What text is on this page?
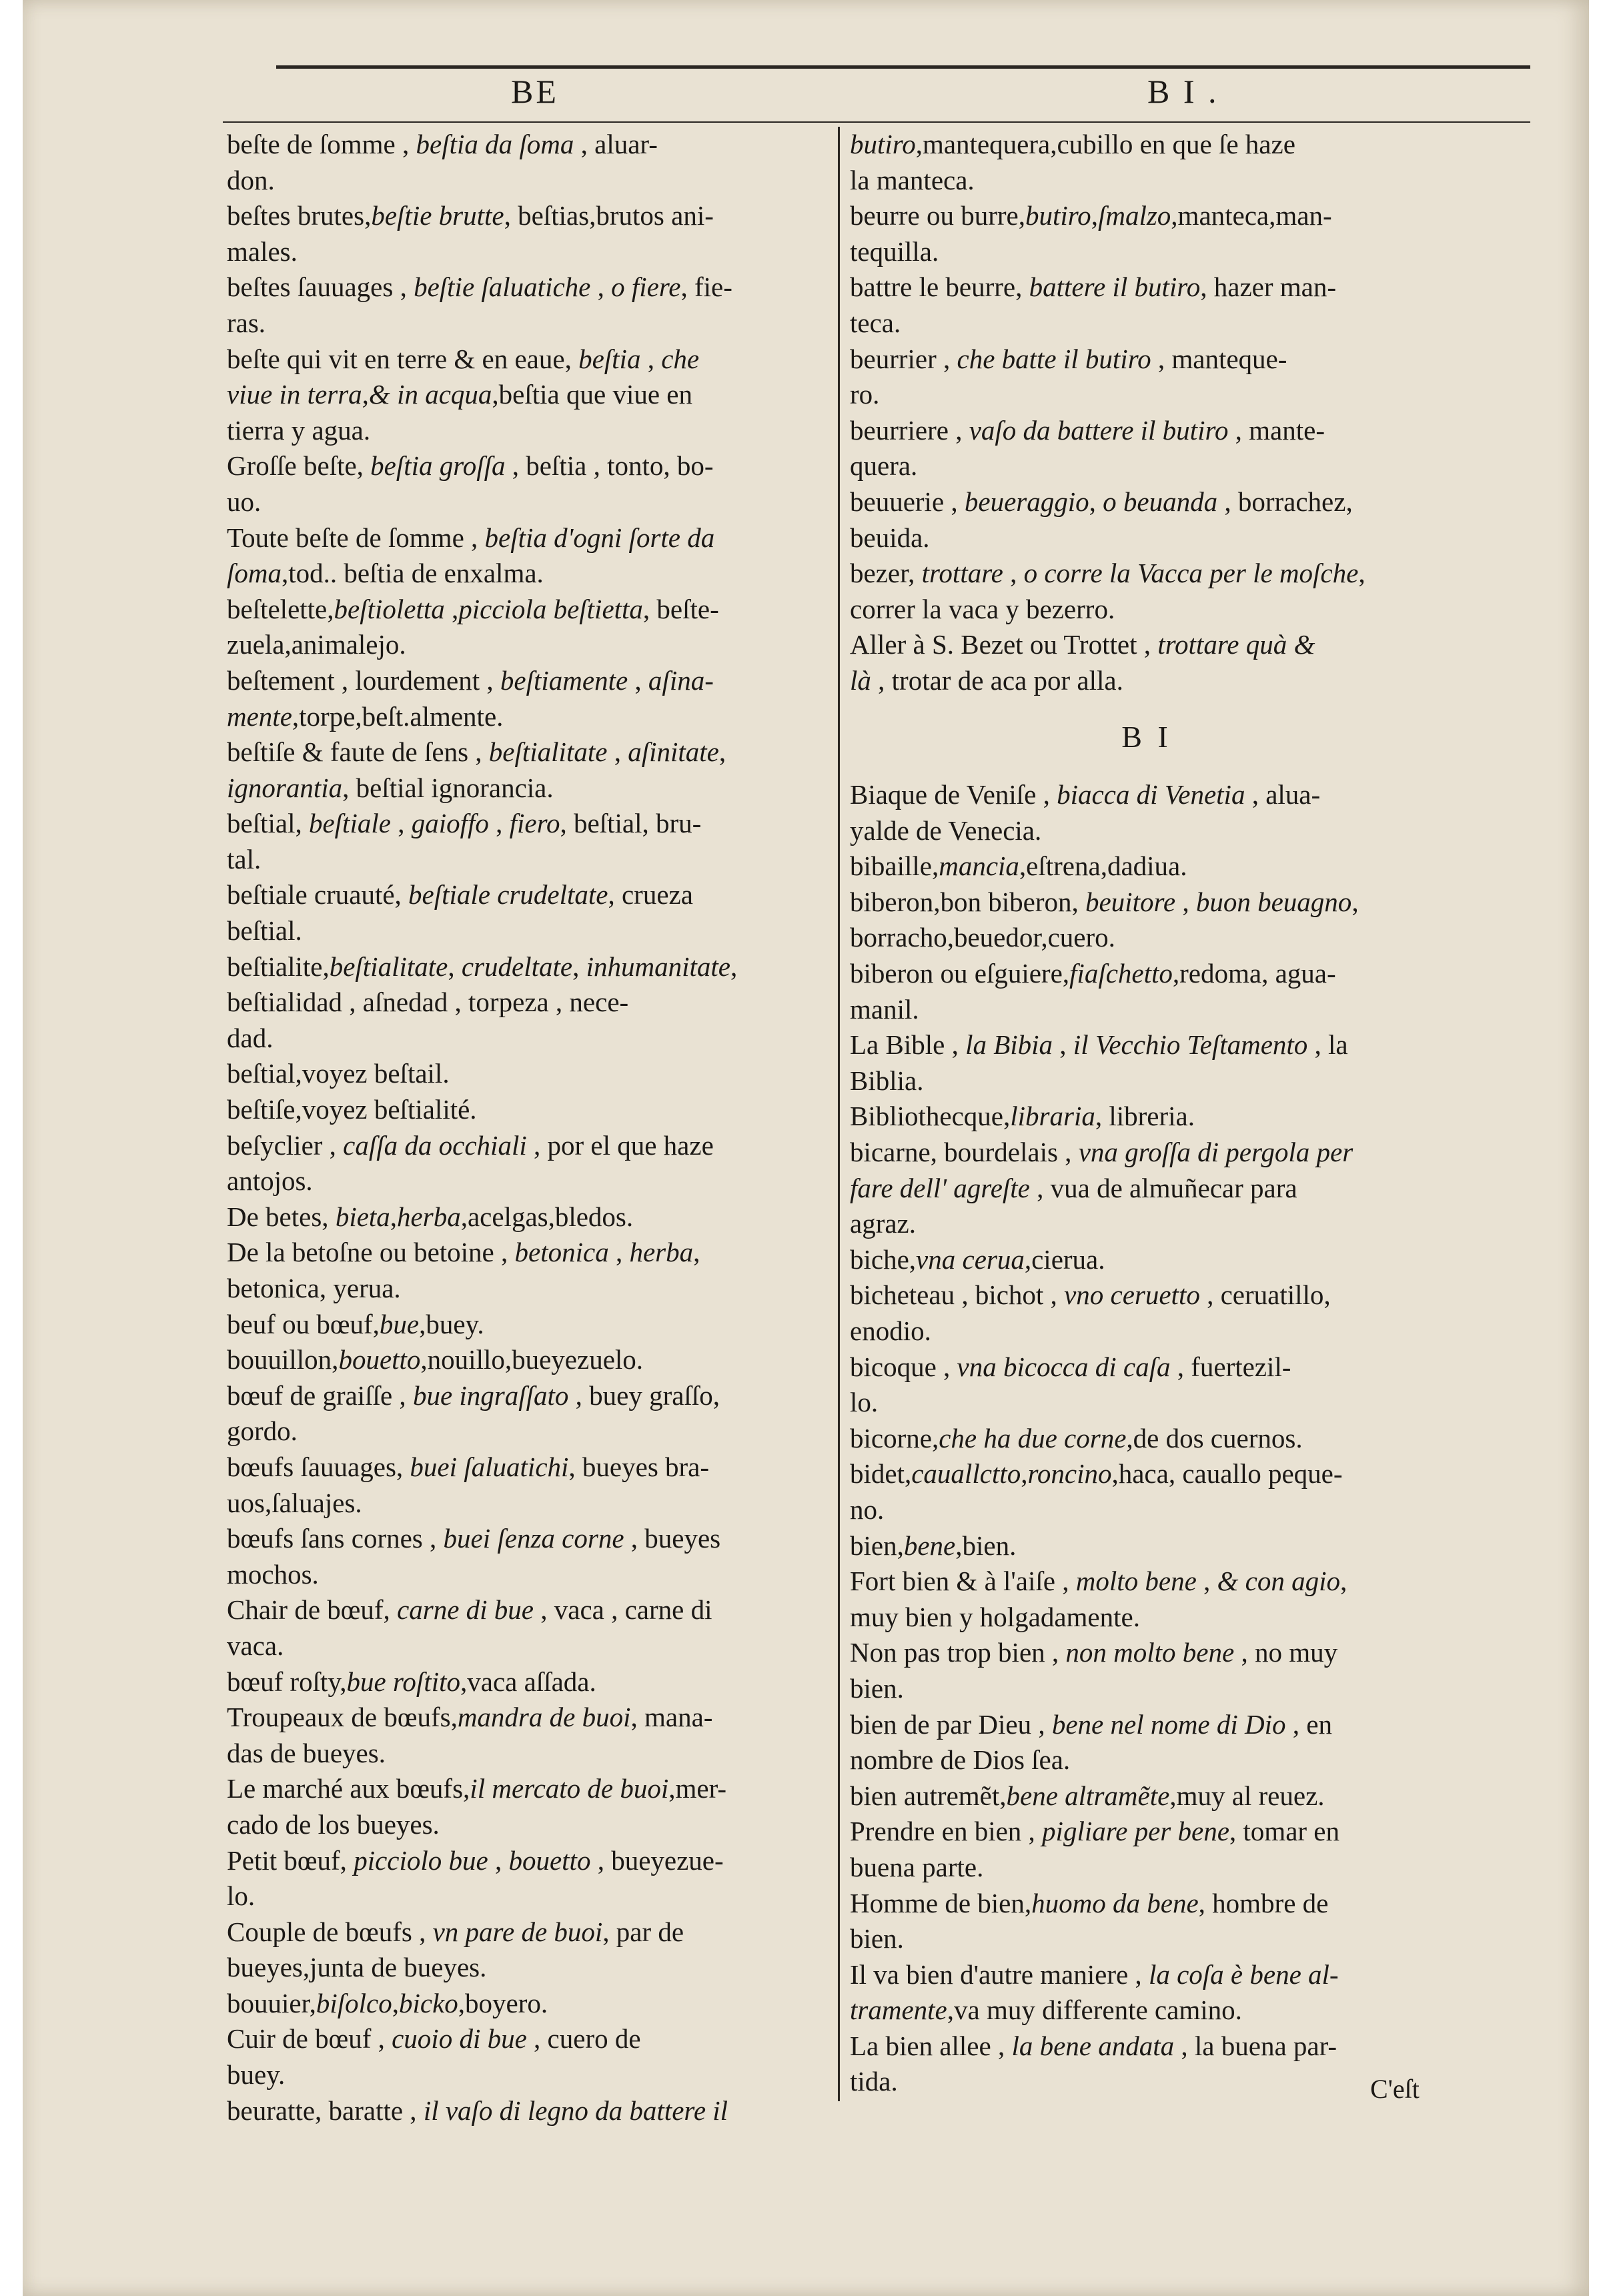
BE	B I .
beſte de ſomme , beſtia da ſoma , aluar-
don.
beſtes brutes,beſtie brutte, beſtias,brutos ani-
males.
beſtes ſauuages , beſtie ſaluatiche , o fiere, fie-
ras.
beſte qui vit en terre & en eaue, beſtia , che
viue in terra,& in acqua,beſtia que viue en
tierra y agua.
Groſſe beſte, beſtia groſſa , beſtia , tonto, bo-
uo.
Toute beſte de ſomme , beſtia d'ogni ſorte da
ſoma,tod.. beſtia de enxalma.
beſtelette,beſtioletta ,picciola beſtietta, beſte-
zuela,animalejo.
beſtement , lourdement , beſtiamente , aſina-
mente,torpe,beſt.almente.
beſtiſe & faute de ſens , beſtialitate , aſinitate,
ignorantia, beſtial ignorancia.
beſtial, beſtiale , gaioffo , fiero, beſtial, bru-
tal.
beſtiale cruauté, beſtiale crudeltate, crueza
beſtial.
beſtialite,beſtialitate, crudeltate, inhumanitate,
beſtialidad , aſnedad , torpeza , nece-
dad.
beſtial,voyez beſtail.
beſtiſe,voyez beſtialité.
beſyclier , caſſa da occhiali , por el que haze
antojos.
De betes, bieta,herba,acelgas,bledos.
De la betoſne ou betoine , betonica , herba,
betonica, yerua.
beuf ou bœuf,bue,buey.
bouuillon,bouetto,nouillo,bueyezuelo.
bœuf de graiſſe , bue ingraſſato , buey graſſo,
gordo.
bœufs ſauuages, buei ſaluatichi, bueyes bra-
uos,ſaluajes.
bœufs ſans cornes , buei ſenza corne , bueyes
mochos.
Chair de bœuf, carne di bue , vaca , carne di
vaca.
bœuf roſty,bue roſtito,vaca aſſada.
Troupeaux de bœufs,mandra de buoi, mana-
das de bueyes.
Le marché aux bœufs,il mercato de buoi,mer-
cado de los bueyes.
Petit bœuf, picciolo bue , bouetto , bueyezue-
lo.
Couple de bœufs , vn pare de buoi, par de
bueyes,junta de bueyes.
bouuier,biſolco,bicko,boyero.
Cuir de bœuf , cuoio di bue , cuero de
buey.
beuratte, baratte , il vaſo di legno da battere il
butiro,mantequera,cubillo en que ſe haze
la manteca.
beurre ou burre,butiro,ſmalzo,manteca,man-
tequilla.
battre le beurre, battere il butiro, hazer man-
teca.
beurrier , che batte il butiro , manteque-
ro.
beurriere , vaſo da battere il butiro , mante-
quera.
beuuerie , beueraggio, o beuanda , borrachez,
beuida.
bezer, trottare , o corre la Vacca per le moſche,
correr la vaca y bezerro.
Aller à S. Bezet ou Trottet , trottare quà &
là , trotar de aca por alla.
B I
Biaque de Veniſe , biacca di Venetia , alua-
yalde de Venecia.
bibaille,mancia,eſtrena,dadiua.
biberon,bon biberon, beuitore , buon beuagno,
borracho,beuedor,cuero.
biberon ou eſguiere,fiaſchetto,redoma, agua-
manil.
La Bible , la Bibia , il Vecchio Teſtamento , la
Biblia.
Bibliothecque,libraria, libreria.
bicarne, bourdelais , vna groſſa di pergola per
fare dell' agreſte , vua de almuñecar para
agraz.
biche,vna cerua,cierua.
bicheteau , bichot , vno ceruetto , ceruatillo,
enodio.
bicoque , vna bicocca di caſa , fuertezil-
lo.
bicorne,che ha due corne,de dos cuernos.
bidet,cauallctto,roncino,haca, cauallo peque-
no.
bien,bene,bien.
Fort bien & à l'aiſe , molto bene , & con agio,
muy bien y holgadamente.
Non pas trop bien , non molto bene , no muy
bien.
bien de par Dieu , bene nel nome di Dio , en
nombre de Dios ſea.
bien autremẽt,bene altramẽte,muy al reuez.
Prendre en bien , pigliare per bene, tomar en
buena parte.
Homme de bien,huomo da bene, hombre de
bien.
Il va bien d'autre maniere , la coſa è bene al-
tramente,va muy differente camino.
La bien allee , la bene andata , la buena par-
tida.	C'eſt
